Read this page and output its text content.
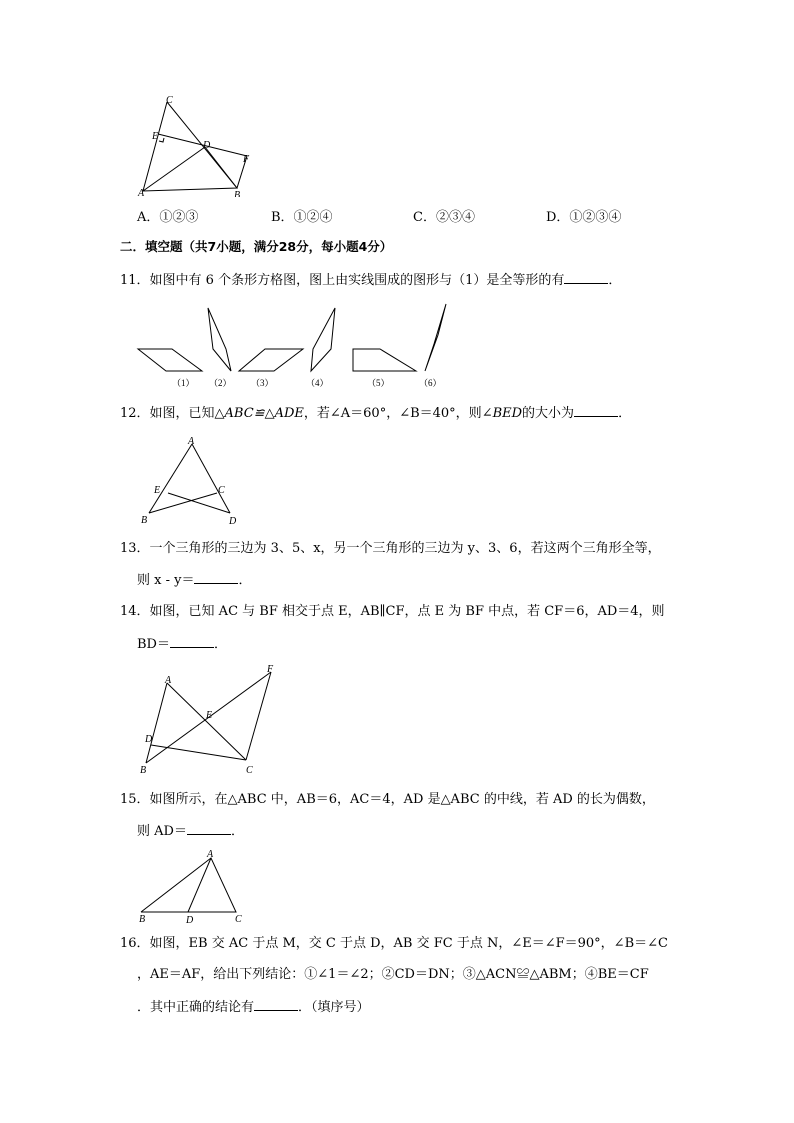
C
E
D
F
A	B
A．①②③	B．①②④	C．②③④	D．①②③④
二．填空题（共7小题，满分28分，每小题4分）
11．如图中有 6 个条形方格图，图上由实线围成的图形与（1）是全等形的有	．
（1） （2） （3）	（4）	（5）	（6）
12．如图，已知△ABC≌△ADE，若∠A＝60°，∠B＝40°，则∠BED的大小为	．
A
E	C
B	D
13．一个三角形的三边为 3、5、x，另一个三角形的三边为 y、3、6，若这两个三角形全等，
则 x - y＝	．
14．如图，已知 AC 与 BF 相交于点 E，AB∥CF，点 E 为 BF 中点，若 CF＝6，AD＝4，则
BD＝	．
F
A
E
D
B	C
15．如图所示，在△ABC 中，AB＝6，AC＝4，AD 是△ABC 的中线，若 AD 的长为偶数，
则 AD＝	．
A
B	D	C
16．如图，EB 交 AC 于点 M，交 C 于点 D，AB 交 FC 于点 N，∠E＝∠F＝90°，∠B＝∠C
，AE＝AF，给出下列结论：①∠1＝∠2；②CD＝DN；③△ACN≌△ABM；④BE＝CF
．其中正确的结论有	．（填序号）
